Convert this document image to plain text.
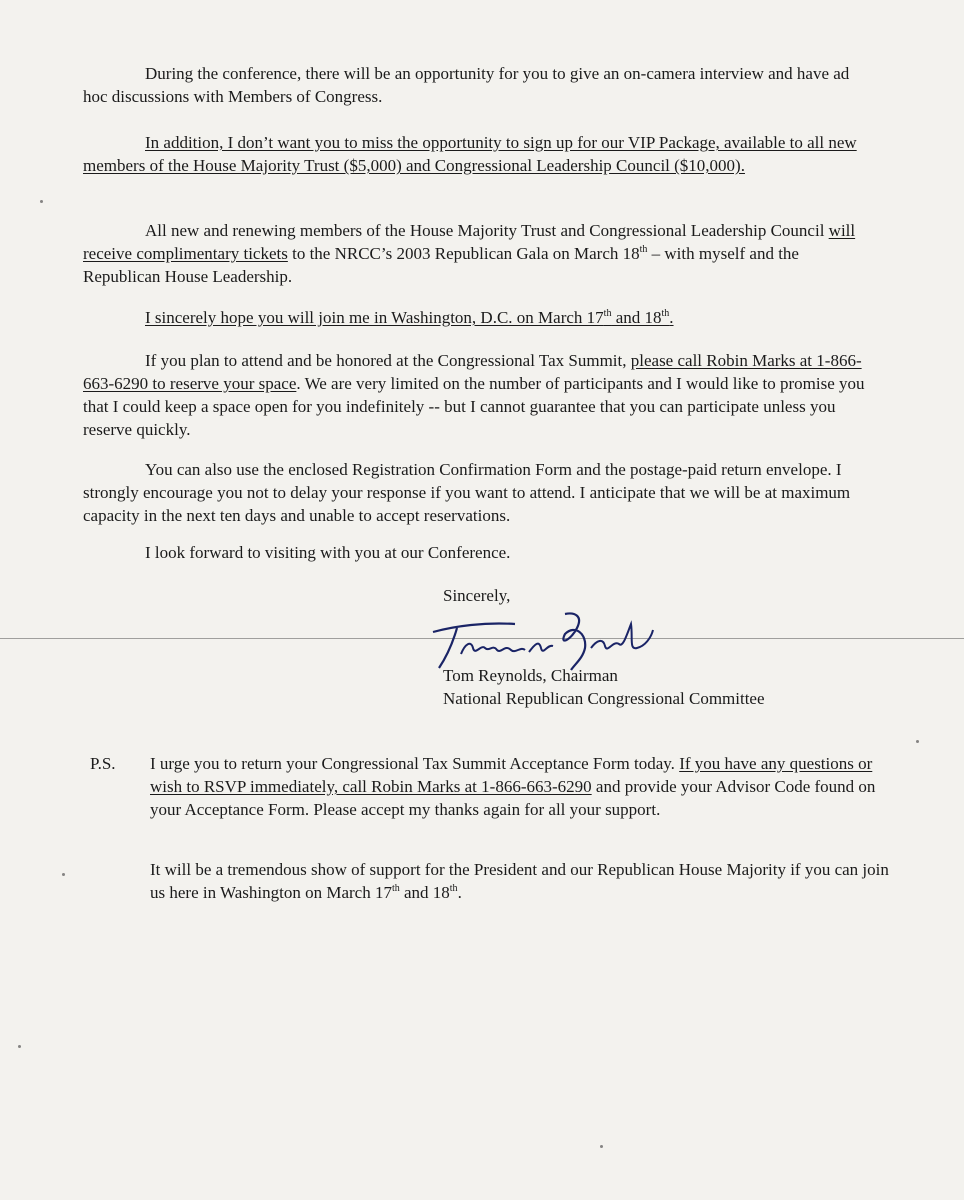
During the conference, there will be an opportunity for you to give an on-camera interview and have ad hoc discussions with Members of Congress.

In addition, I don’t want you to miss the opportunity to sign up for our VIP Package, available to all new members of the House Majority Trust ($5,000) and Congressional Leadership Council ($10,000).

All new and renewing members of the House Majority Trust and Congressional Leadership Council will receive complimentary tickets to the NRCC’s 2003 Republican Gala on March 18th – with myself and the Republican House Leadership.

I sincerely hope you will join me in Washington, D.C. on March 17th and 18th.

If you plan to attend and be honored at the Congressional Tax Summit, please call Robin Marks at 1-866-663-6290 to reserve your space. We are very limited on the number of participants and I would like to promise you that I could keep a space open for you indefinitely -- but I cannot guarantee that you can participate unless you reserve quickly.

You can also use the enclosed Registration Confirmation Form and the postage-paid return envelope. I strongly encourage you not to delay your response if you want to attend. I anticipate that we will be at maximum capacity in the next ten days and unable to accept reservations.

I look forward to visiting with you at our Conference.

Sincerely,
Tom Reynolds, Chairman
National Republican Congressional Committee
P.S. I urge you to return your Congressional Tax Summit Acceptance Form today. If you have any questions or wish to RSVP immediately, call Robin Marks at 1-866-663-6290 and provide your Advisor Code found on your Acceptance Form. Please accept my thanks again for all your support.

It will be a tremendous show of support for the President and our Republican House Majority if you can join us here in Washington on March 17th and 18th.
